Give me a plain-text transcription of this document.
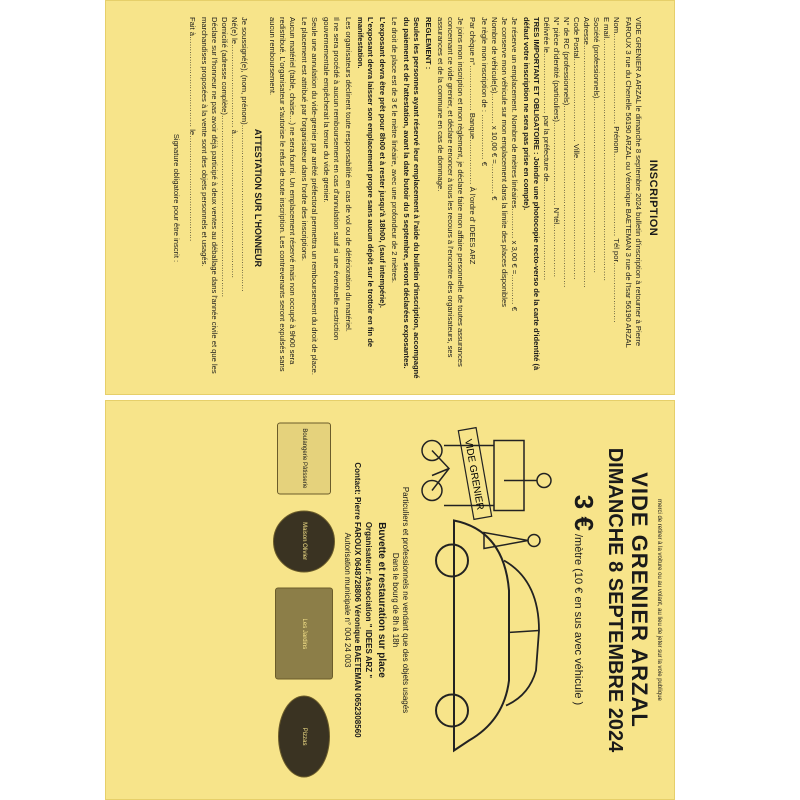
INSCRIPTION

VIDE GRENIER A ARZAL le dimanche 8 septembre 2024 bulletin d'inscription à retourner à Pierre FAROUX 3 rue du Chenelle 56190 ARZAL ou Véronique BAETEMAN 3 rue de l'Isar 56190 ARZAL

Nom……………………………… Prénom…………………………… Tél por……………………
E mail……………………………………………………………………………………
Société (professionnels)……………………………………………………………
Adresse……………………………………………………………………………………
Code Postal…………………………… Ville…………………………………………
N° de RC (professionnels)………………………………………………………………
N° pièce d'identité (particuliers)…………………………… N°tél…………………
Délivrée le…………………… par la préfecture de…………………………………

TRES IMPORTANT ET OBLIGATOIRE : Joindre une photocopie recto-verso de la carte d'identité (à défaut votre inscription ne sera pas prise en compte).

Je réserve un emplacement. Nombre de mètres linéaires………… x 3,00 € =………… €
Je conserve mon véhicule sur mon emplacement dans la limite des places disponibles
Nombre de véhicule(s)………… x 10,00 € =………… €

Je règle mon inscription de : ……………… €

Par chèque n°……………… Banque……………… À l'ordre d' IDEES ARZ

Je joins mon inscription et mon règlement, je déclare faire mon affaire personnelle de toutes assurances concernant ce vide grenier, et déclare renoncer à tous les recours à l'encontre des organisateurs, ses assurances et de la commune en cas de dommage.

REGLEMENT :

Seules les personnes ayant réservé leur emplacement à l'aide du bulletin d'inscription, accompagné du paiement et de l'attestation, avant la date butoir du 5 septembre, seront déclarées exposantes.

Le droit de place est de 3 € le mètre linéaire, avec une profondeur de 2 mètres.

L'exposant devra être prêt pour 8h00 et à rester jusqu'à 18h00, (sauf intempérie).

L'exposant devra laisser son emplacement propre sans aucun dépôt sur le trottoir en fin de manifestation.

Les organisateurs déclinent toute responsabilité en cas de vol ou de détérioration du matériel.

Il ne sera procédé à aucun remboursement en cas d'annulation sauf si une éventuelle restriction gouvernementale empêcherait la tenue du vide grenier.

Seule une annulation du vide-grenier par arrêté préfectoral permettra un remboursement du droit de place. Le placement est attribué par l'organisateur dans l'ordre des inscriptions.

Aucun matériel (table, chaise…) ne sera fourni. Un emplacement réservé mais non occupé à 9h00 sera redistribué. L'organisateur s'autorise le refus de toute inscription. Les contrevenants seront expulsés sans aucun remboursement.

ATTESTATION SUR L'HONNEUR
Je soussigné(e), (nom, prénom)…………………………………………………………
Né(e) le…………………………… à…………………………………………………
Domicilié (adresse complète)………………………………………………………………

Déclare sur l'honneur ne pas avoir déjà participé à deux ventes au déballage dans l'année civile et que les marchandises proposées à la vente sont des objets personnels et usagés.

Fait à……………………………… le……………………………………

Signature obligatoire pour être inscrit :

merci de retirer à la voiture ou au volant, au lieu de jeter sur la voie publique

VIDE GRENIER ARZAL

DIMANCHE 8 SEPTEMBRE 2024

3 € /mètre (10 € en sus avec véhicule )
VIDE GRENIER
Particuliers et professionnels ne vendant que des objets usagés
Dans le bourg de 8h à 18h
Buvette et restauration sur place
Organisateur: Association " IDEES ARZ "
Contact: Pierre FAROUX 0648728806 Véronique BAETEMAN 0652308560
Autorisation municipale n° 004 24 003
Boulangerie Pâtisserie
Maison Olivier
Les Jardins
Pizzas
